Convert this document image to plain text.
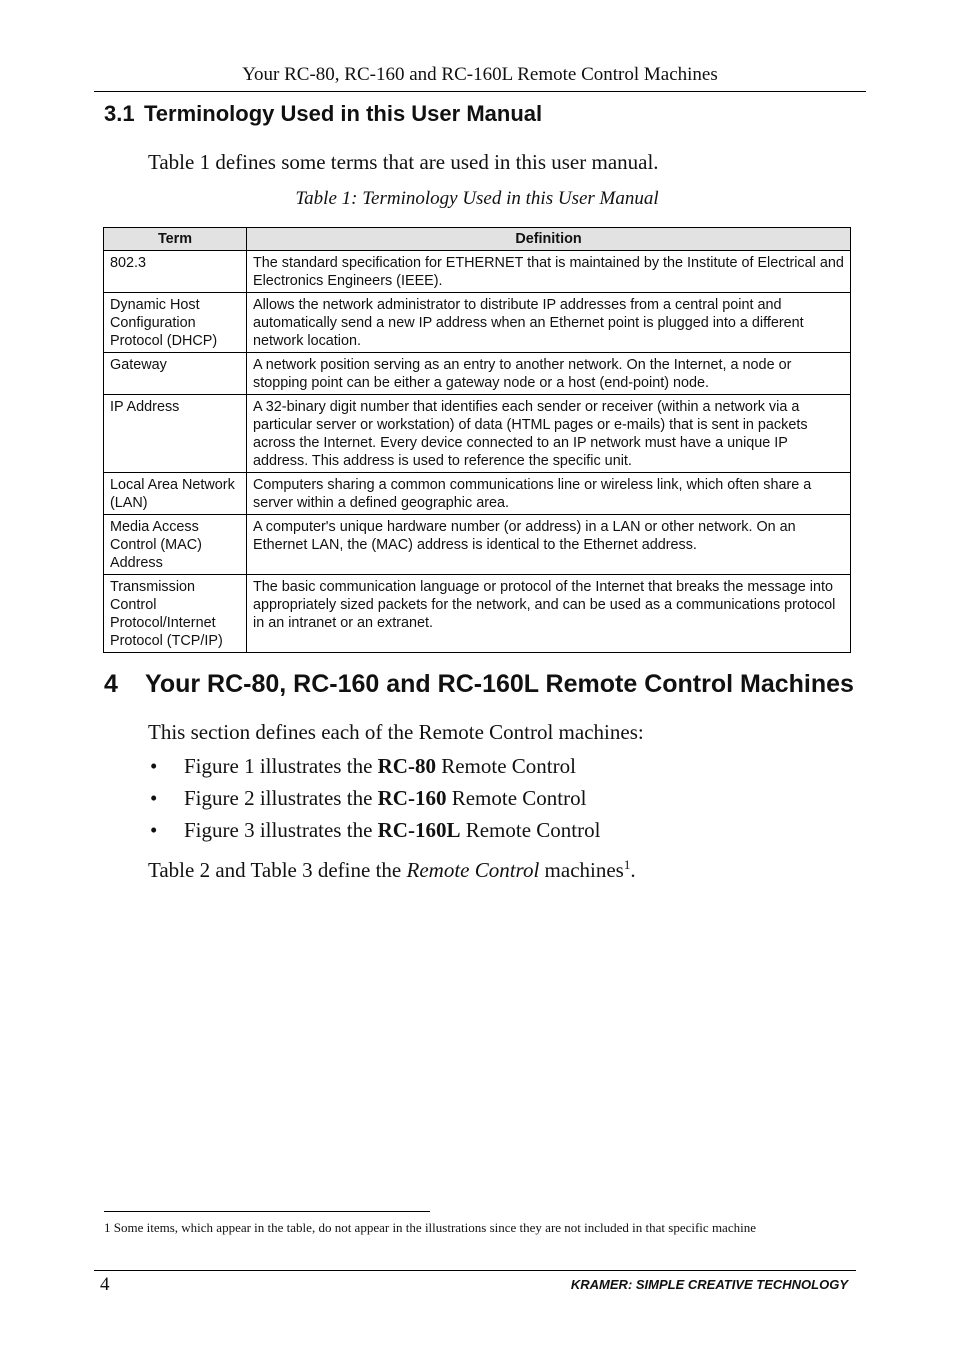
Your RC-80, RC-160 and RC-160L Remote Control Machines
3.1 Terminology Used in this User Manual
Table 1 defines some terms that are used in this user manual.
Table 1: Terminology Used in this User Manual
Term	Definition
802.3	The standard specification for ETHERNET that is maintained by the Institute of Electrical and Electronics Engineers (IEEE).
Dynamic Host Configuration Protocol (DHCP)	Allows the network administrator to distribute IP addresses from a central point and automatically send a new IP address when an Ethernet point is plugged into a different network location.
Gateway	A network position serving as an entry to another network. On the Internet, a node or stopping point can be either a gateway node or a host (end-point) node.
IP Address	A 32-binary digit number that identifies each sender or receiver (within a network via a particular server or workstation) of data (HTML pages or e-mails) that is sent in packets across the Internet. Every device connected to an IP network must have a unique IP address. This address is used to reference the specific unit.
Local Area Network (LAN)	Computers sharing a common communications line or wireless link, which often share a server within a defined geographic area.
Media Access Control (MAC) Address	A computer's unique hardware number (or address) in a LAN or other network. On an Ethernet LAN, the (MAC) address is identical to the Ethernet address.
Transmission Control Protocol/Internet Protocol (TCP/IP)	The basic communication language or protocol of the Internet that breaks the message into appropriately sized packets for the network, and can be used as a communications protocol in an intranet or an extranet.
4 Your RC-80, RC-160 and RC-160L Remote Control Machines
This section defines each of the Remote Control machines:
• Figure 1 illustrates the RC-80 Remote Control
• Figure 2 illustrates the RC-160 Remote Control
• Figure 3 illustrates the RC-160L Remote Control
Table 2 and Table 3 define the Remote Control machines$^1$.
1 Some items, which appear in the table, do not appear in the illustrations since they are not included in that specific machine
4	KRAMER: SIMPLE CREATIVE TECHNOLOGY
